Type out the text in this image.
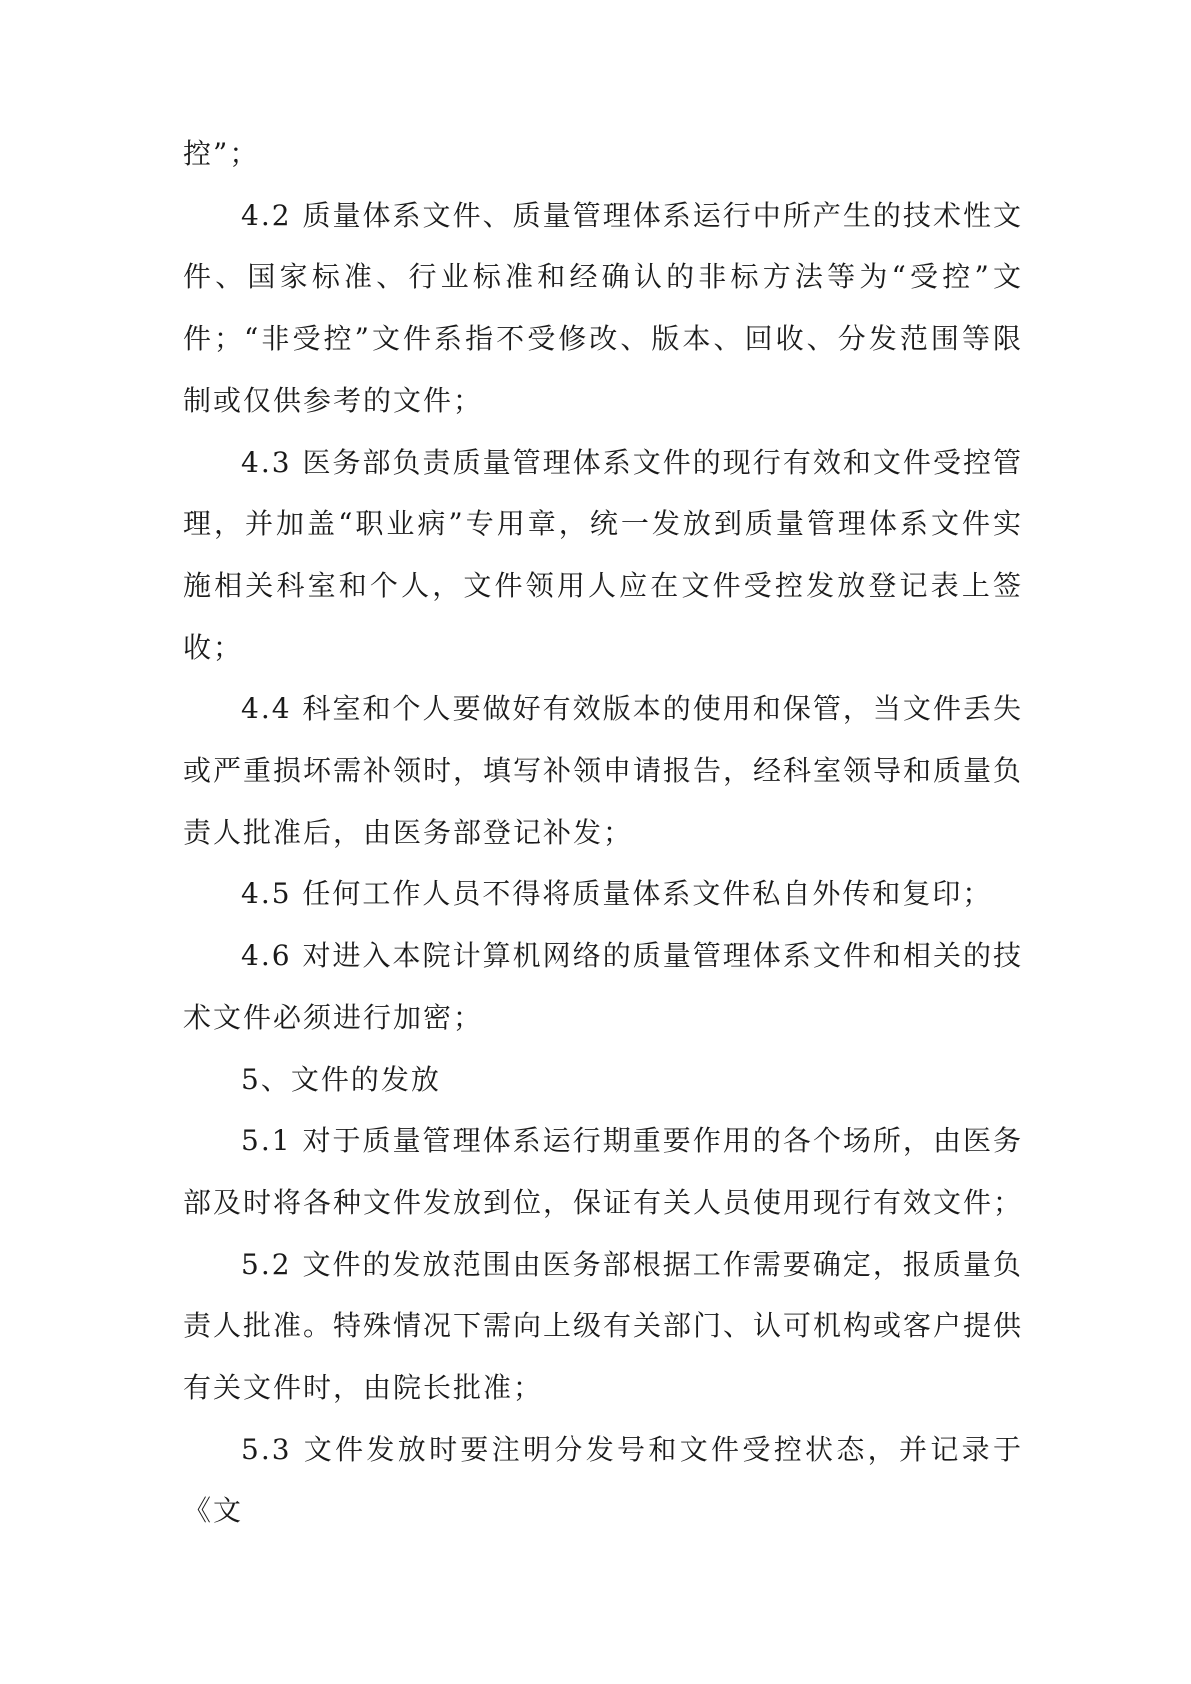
控”；

4.2 质量体系文件、质量管理体系运行中所产生的技术性文件、国家标准、行业标准和经确认的非标方法等为“受控”文件；“非受控”文件系指不受修改、版本、回收、分发范围等限制或仅供参考的文件；

4.3 医务部负责质量管理体系文件的现行有效和文件受控管理，并加盖“职业病”专用章，统一发放到质量管理体系文件实施相关科室和个人，文件领用人应在文件受控发放登记表上签收；

4.4 科室和个人要做好有效版本的使用和保管，当文件丢失或严重损坏需补领时，填写补领申请报告，经科室领导和质量负责人批准后，由医务部登记补发；

4.5 任何工作人员不得将质量体系文件私自外传和复印；

4.6 对进入本院计算机网络的质量管理体系文件和相关的技术文件必须进行加密；

5、文件的发放

5.1 对于质量管理体系运行期重要作用的各个场所，由医务部及时将各种文件发放到位，保证有关人员使用现行有效文件；

5.2 文件的发放范围由医务部根据工作需要确定，报质量负责人批准。特殊情况下需向上级有关部门、认可机构或客户提供有关文件时，由院长批准；

5.3 文件发放时要注明分发号和文件受控状态，并记录于《文
